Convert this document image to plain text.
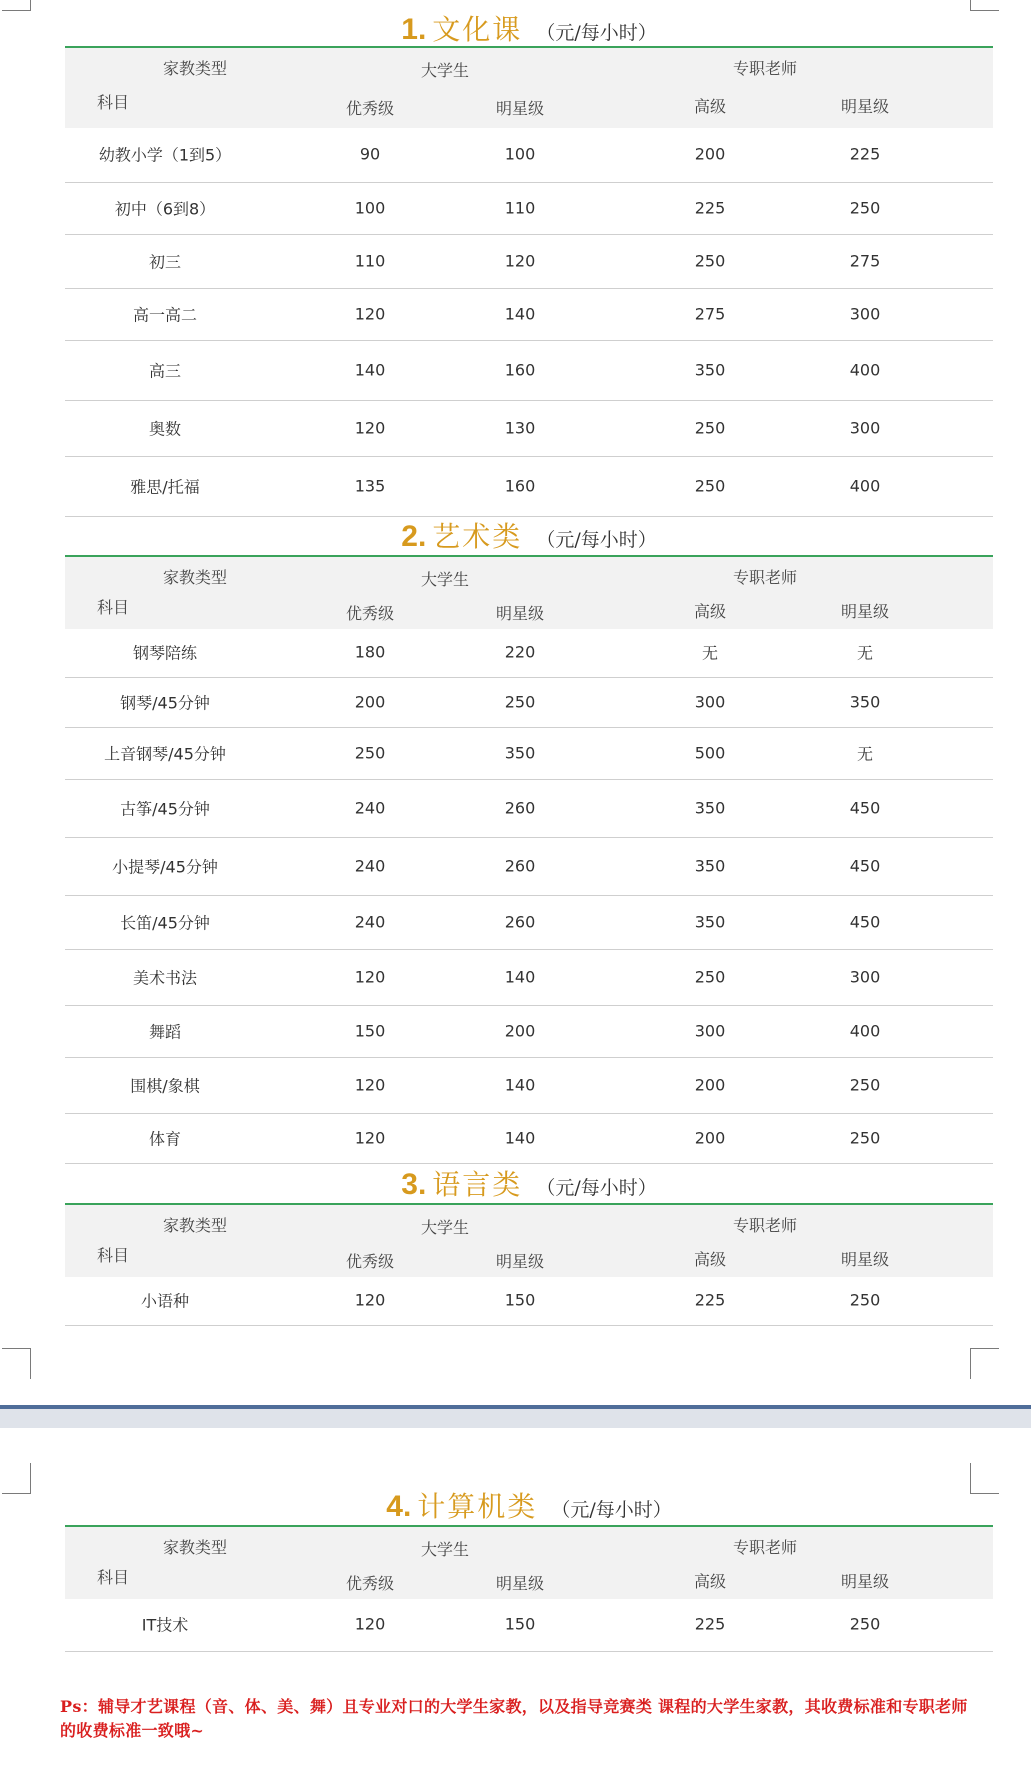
1. 文化课 （元/每小时）
家教类型	大学生	专职老师
科目	优秀级	明星级	高级	明星级
幼教小学（1到5）	90	100	200	225
初中（6到8）	100	110	225	250
初三	110	120	250	275
高一高二	120	140	275	300
高三	140	160	350	400
奥数	120	130	250	300
雅思/托福	135	160	250	400
2. 艺术类 （元/每小时）
家教类型	大学生	专职老师
科目	优秀级	明星级	高级	明星级
钢琴陪练	180	220	无	无
钢琴/45分钟	200	250	300	350
上音钢琴/45分钟	250	350	500	无
古筝/45分钟	240	260	350	450
小提琴/45分钟	240	260	350	450
长笛/45分钟	240	260	350	450
美术书法	120	140	250	300
舞蹈	150	200	300	400
围棋/象棋	120	140	200	250
体育	120	140	200	250
3. 语言类 （元/每小时）
家教类型	大学生	专职老师
科目	优秀级	明星级	高级	明星级
小语种	120	150	225	250
4. 计算机类 （元/每小时）
家教类型	大学生	专职老师
科目	优秀级	明星级	高级	明星级
IT技术	120	150	225	250
Ps：辅导才艺课程（音、体、美、舞）且专业对口的大学生家教，以及指导竞赛类 课程的大学生家教，其收费标准和专职老师的收费标准一致哦~
